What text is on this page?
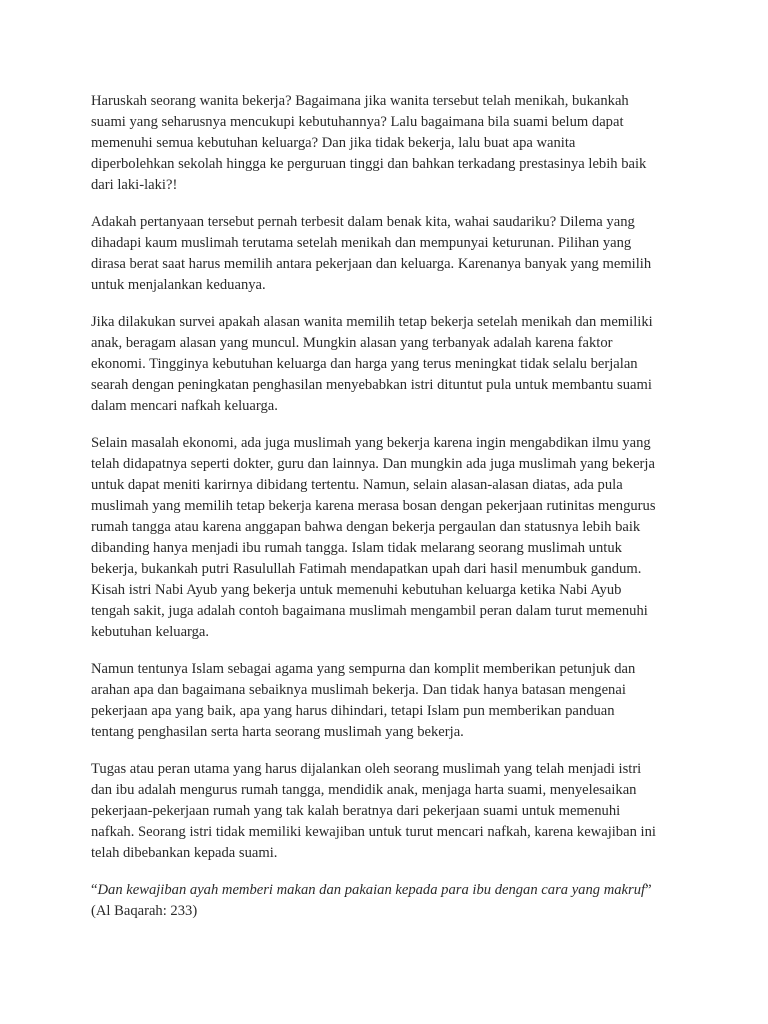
Haruskah seorang wanita bekerja? Bagaimana jika wanita tersebut telah menikah, bukankah
suami yang seharusnya mencukupi kebutuhannya? Lalu bagaimana bila suami belum dapat
memenuhi semua kebutuhan keluarga? Dan jika tidak bekerja, lalu buat apa wanita
diperbolehkan sekolah hingga ke perguruan tinggi dan bahkan terkadang prestasinya lebih baik
dari laki-laki?!
Adakah pertanyaan tersebut pernah terbesit dalam benak kita, wahai saudariku? Dilema yang
dihadapi kaum muslimah terutama setelah menikah dan mempunyai keturunan. Pilihan yang
dirasa berat saat harus memilih antara pekerjaan dan keluarga. Karenanya banyak yang memilih
untuk menjalankan keduanya.
Jika dilakukan survei apakah alasan wanita memilih tetap bekerja setelah menikah dan memiliki
anak, beragam alasan yang muncul. Mungkin alasan yang terbanyak adalah karena faktor
ekonomi. Tingginya kebutuhan keluarga dan harga yang terus meningkat tidak selalu berjalan
searah dengan peningkatan penghasilan menyebabkan istri dituntut pula untuk membantu suami
dalam mencari nafkah keluarga.
Selain masalah ekonomi, ada juga muslimah yang bekerja karena ingin mengabdikan ilmu yang
telah didapatnya seperti dokter, guru dan lainnya. Dan mungkin ada juga muslimah yang bekerja
untuk dapat meniti karirnya dibidang tertentu. Namun, selain alasan-alasan diatas, ada pula
muslimah yang memilih tetap bekerja karena merasa bosan dengan pekerjaan rutinitas mengurus
rumah tangga atau karena anggapan bahwa dengan bekerja pergaulan dan statusnya lebih baik
dibanding hanya menjadi ibu rumah tangga. Islam tidak melarang seorang muslimah untuk
bekerja, bukankah putri Rasulullah Fatimah mendapatkan upah dari hasil menumbuk gandum.
Kisah istri Nabi Ayub yang bekerja untuk memenuhi kebutuhan keluarga ketika Nabi Ayub
tengah sakit, juga adalah contoh bagaimana muslimah mengambil peran dalam turut memenuhi
kebutuhan keluarga.
Namun tentunya Islam sebagai agama yang sempurna dan komplit memberikan petunjuk dan
arahan apa dan bagaimana sebaiknya muslimah bekerja. Dan tidak hanya batasan mengenai
pekerjaan apa yang baik, apa yang harus dihindari, tetapi Islam pun memberikan panduan
tentang penghasilan serta harta seorang muslimah yang bekerja.
Tugas atau peran utama yang harus dijalankan oleh seorang muslimah yang telah menjadi istri
dan ibu adalah mengurus rumah tangga, mendidik anak, menjaga harta suami, menyelesaikan
pekerjaan-pekerjaan rumah yang tak kalah beratnya dari pekerjaan suami untuk memenuhi
nafkah. Seorang istri tidak memiliki kewajiban untuk turut mencari nafkah, karena kewajiban ini
telah dibebankan kepada suami.
“Dan kewajiban ayah memberi makan dan pakaian kepada para ibu dengan cara yang makruf”
(Al Baqarah: 233)
